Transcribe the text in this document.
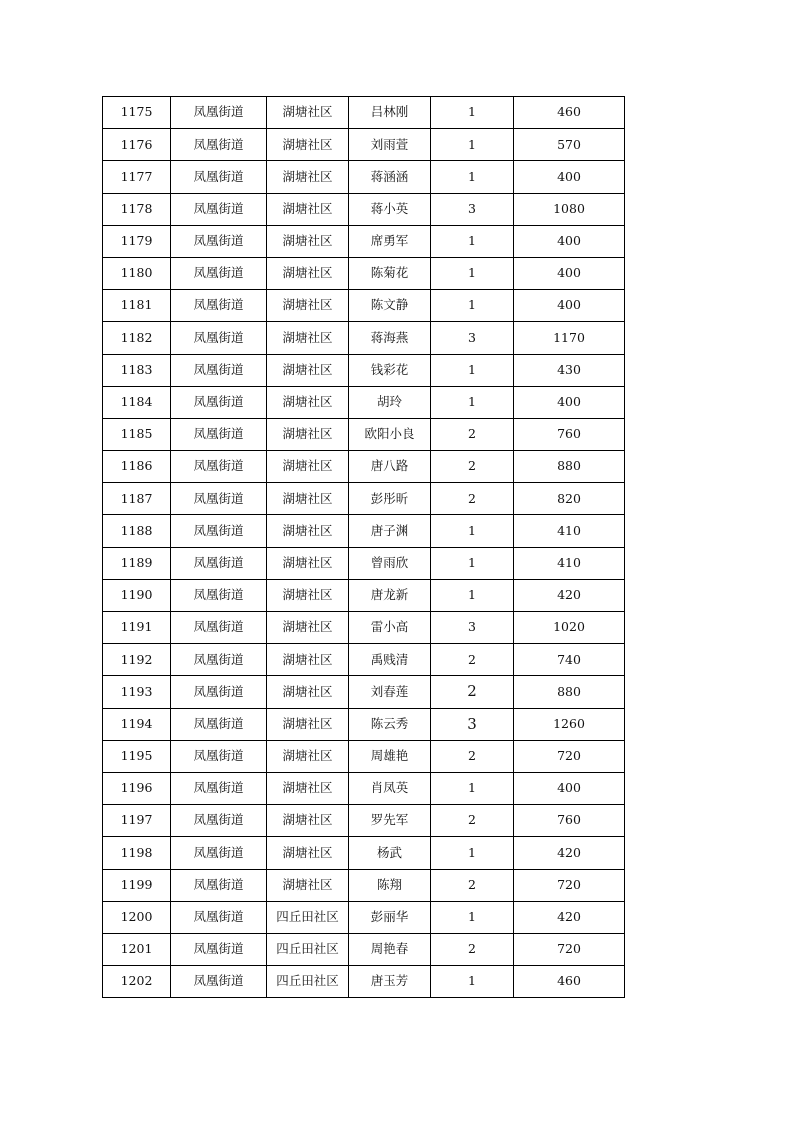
1175	凤凰街道	湖塘社区	吕林刚	1	460
1176	凤凰街道	湖塘社区	刘雨萱	1	570
1177	凤凰街道	湖塘社区	蒋涵涵	1	400
1178	凤凰街道	湖塘社区	蒋小英	3	1080
1179	凤凰街道	湖塘社区	席勇军	1	400
1180	凤凰街道	湖塘社区	陈菊花	1	400
1181	凤凰街道	湖塘社区	陈文静	1	400
1182	凤凰街道	湖塘社区	蒋海燕	3	1170
1183	凤凰街道	湖塘社区	钱彩花	1	430
1184	凤凰街道	湖塘社区	胡玲	1	400
1185	凤凰街道	湖塘社区	欧阳小良	2	760
1186	凤凰街道	湖塘社区	唐八路	2	880
1187	凤凰街道	湖塘社区	彭彤昕	2	820
1188	凤凰街道	湖塘社区	唐子渊	1	410
1189	凤凰街道	湖塘社区	曾雨欣	1	410
1190	凤凰街道	湖塘社区	唐龙新	1	420
1191	凤凰街道	湖塘社区	雷小高	3	1020
1192	凤凰街道	湖塘社区	禹贱清	2	740
1193	凤凰街道	湖塘社区	刘春莲	2	880
1194	凤凰街道	湖塘社区	陈云秀	3	1260
1195	凤凰街道	湖塘社区	周雄艳	2	720
1196	凤凰街道	湖塘社区	肖凤英	1	400
1197	凤凰街道	湖塘社区	罗先军	2	760
1198	凤凰街道	湖塘社区	杨武	1	420
1199	凤凰街道	湖塘社区	陈翔	2	720
1200	凤凰街道	四丘田社区	彭丽华	1	420
1201	凤凰街道	四丘田社区	周艳春	2	720
1202	凤凰街道	四丘田社区	唐玉芳	1	460
